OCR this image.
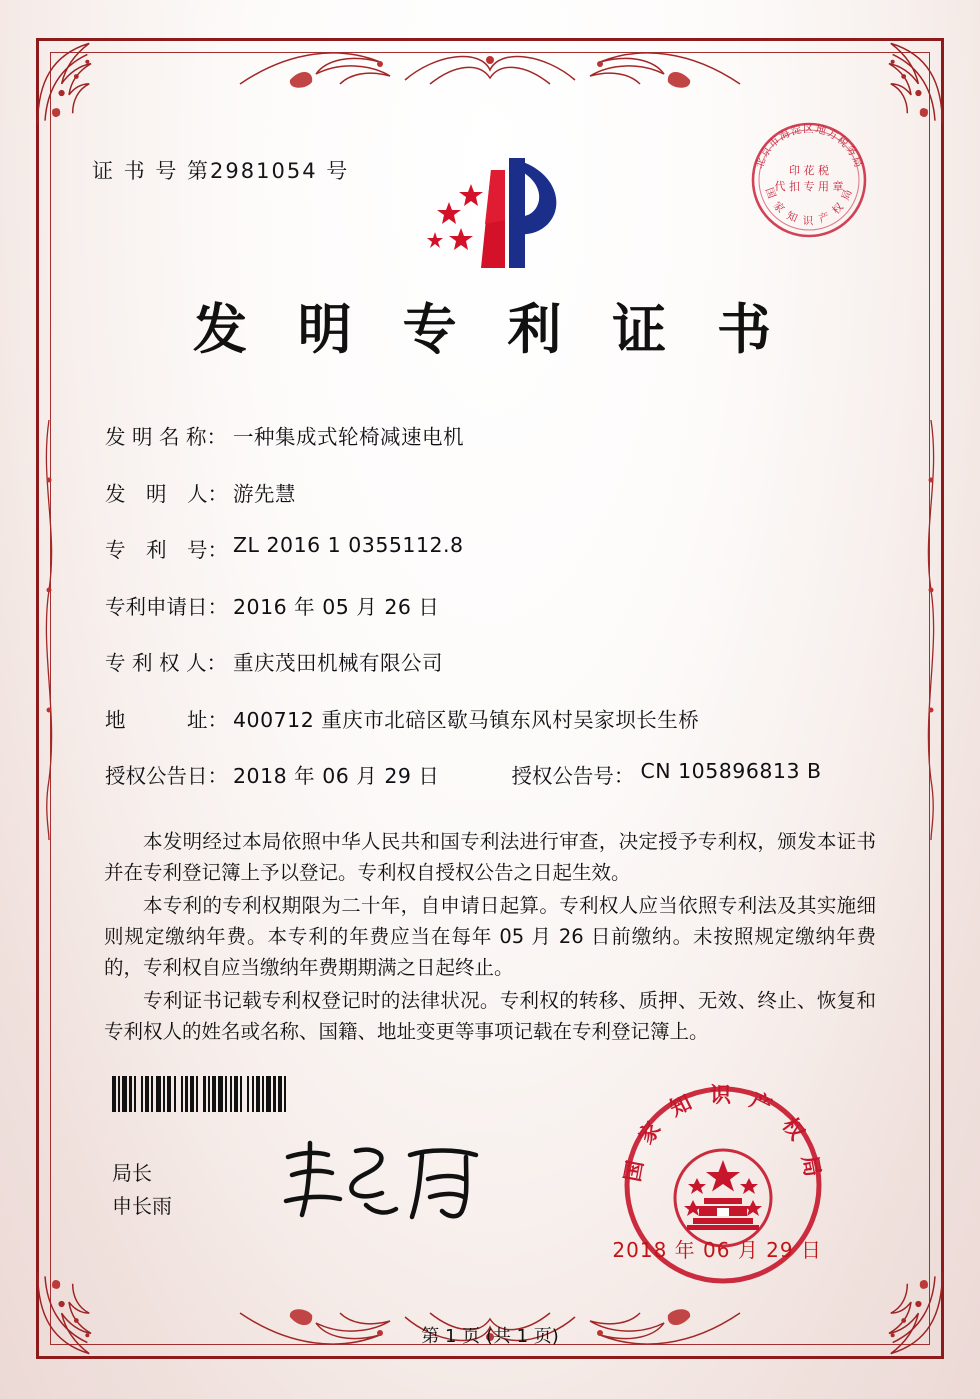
证 书 号 第2981054 号	北京市海淀区地方税务局
国 家 知 识 产 权 局
印 花 税
代 扣 专 用 章
发 明 专 利 证 书
发 明 名 称： 一种集成式轮椅减速电机
发　明　人： 游先慧
专　利　号： ZL 2016 1 0355112.8
专利申请日： 2016 年 05 月 26 日
专 利 权 人： 重庆茂田机械有限公司
地　　　址： 400712 重庆市北碚区歇马镇东风村吴家坝长生桥
授权公告日： 2018 年 06 月 29 日	授权公告号： CN 105896813 B

本发明经过本局依照中华人民共和国专利法进行审查，决定授予专利权，颁发本证书并在专利登记簿上予以登记。专利权自授权公告之日起生效。

本专利的专利权期限为二十年，自申请日起算。专利权人应当依照专利法及其实施细则规定缴纳年费。本专利的年费应当在每年 05 月 26 日前缴纳。未按照规定缴纳年费的，专利权自应当缴纳年费期期满之日起终止。

专利证书记载专利权登记时的法律状况。专利权的转移、质押、无效、终止、恢复和专利权人的姓名或名称、国籍、地址变更等事项记载在专利登记簿上。

局长
申长雨
国 家 知 识 产 权 局
2018 年 06 月 29 日
第 1 页 (共 1 页)
